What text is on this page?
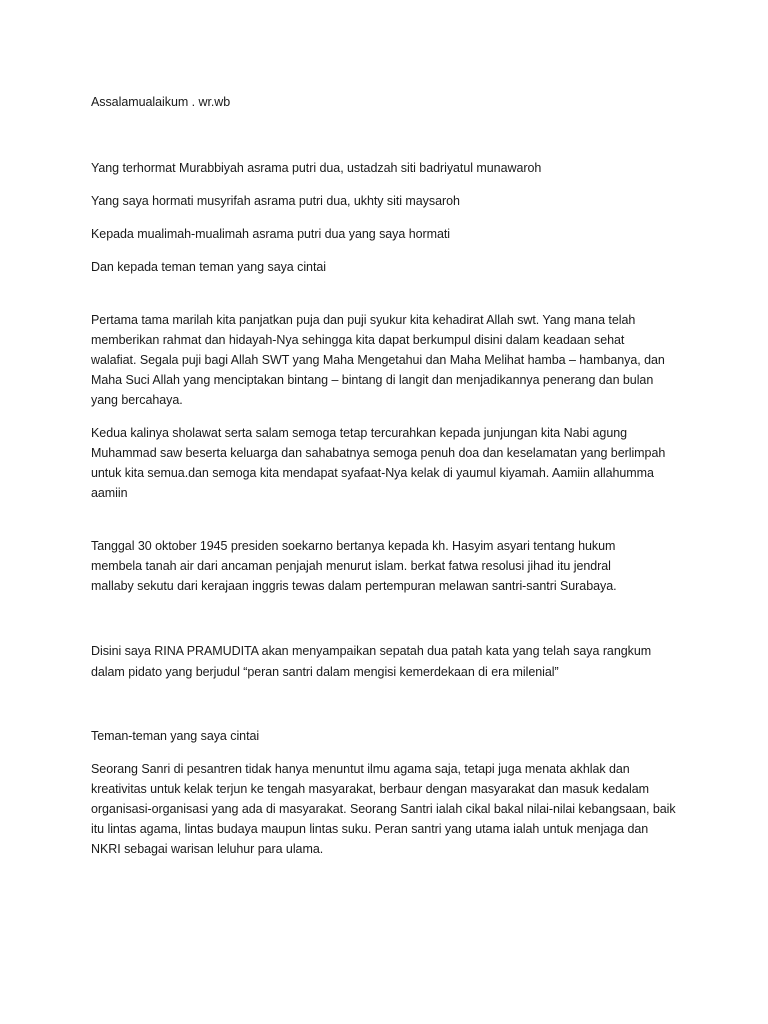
Assalamualaikum . wr.wb
Yang terhormat Murabbiyah asrama putri dua, ustadzah siti badriyatul munawaroh
Yang saya hormati musyrifah asrama putri dua, ukhty siti maysaroh
Kepada mualimah-mualimah asrama putri dua yang saya hormati
Dan kepada teman teman yang saya cintai
Pertama tama marilah kita panjatkan puja dan puji syukur kita kehadirat Allah swt. Yang mana telah
memberikan rahmat dan hidayah-Nya sehingga kita dapat berkumpul disini dalam keadaan sehat
walafiat. Segala puji bagi Allah SWT yang Maha Mengetahui dan Maha Melihat hamba – hambanya, dan
Maha Suci Allah yang menciptakan bintang – bintang di langit dan menjadikannya penerang dan bulan
yang bercahaya.
Kedua kalinya sholawat serta salam semoga tetap tercurahkan kepada junjungan kita Nabi agung
Muhammad saw beserta keluarga dan sahabatnya semoga penuh doa dan keselamatan yang berlimpah
untuk kita semua.dan semoga kita mendapat syafaat-Nya kelak di yaumul kiyamah. Aamiin allahumma
aamiin
Tanggal 30 oktober 1945 presiden soekarno bertanya kepada kh. Hasyim asyari tentang hukum
membela tanah air dari ancaman penjajah menurut islam. berkat fatwa resolusi jihad itu jendral
mallaby sekutu dari kerajaan inggris tewas dalam pertempuran melawan santri-santri Surabaya.
Disini saya RINA PRAMUDITA akan menyampaikan sepatah dua patah kata yang telah saya rangkum
dalam pidato yang berjudul “peran santri dalam mengisi kemerdekaan di era milenial”
Teman-teman yang saya cintai
Seorang Sanri di pesantren tidak hanya menuntut ilmu agama saja, tetapi juga menata akhlak dan
kreativitas untuk kelak terjun ke tengah masyarakat, berbaur dengan masyarakat dan masuk kedalam
organisasi-organisasi yang ada di masyarakat. Seorang Santri ialah cikal bakal nilai-nilai kebangsaan, baik
itu lintas agama, lintas budaya maupun lintas suku. Peran santri yang utama ialah untuk menjaga dan
NKRI sebagai warisan leluhur para ulama.
